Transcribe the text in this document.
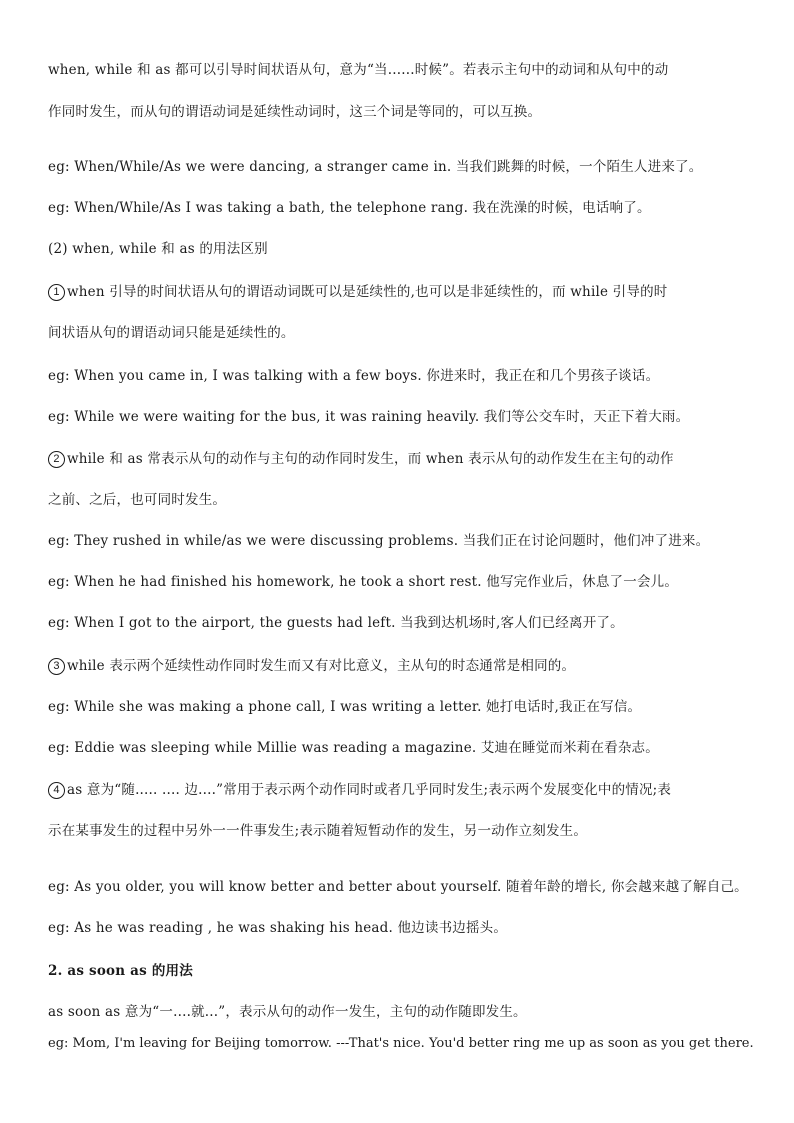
when, while 和 as 都可以引导时间状语从句，意为“当......时候”。若表示主句中的动词和从句中的动
作同时发生，而从句的谓语动词是延续性动词时，这三个词是等同的，可以互换。
eg: When/While/As we were dancing, a stranger came in. 当我们跳舞的时候，一个陌生人进来了。
eg: When/While/As I was taking a bath, the telephone rang. 我在洗澡的时候，电话响了。
(2) when, while 和 as 的用法区别
1 when 引导的时间状语从句的谓语动词既可以是延续性的,也可以是非延续性的，而 while 引导的时
间状语从句的谓语动词只能是延续性的。
eg: When you came in, I was talking with a few boys. 你进来时，我正在和几个男孩子谈话。
eg: While we were waiting for the bus, it was raining heavily. 我们等公交车时，天正下着大雨。
2 while 和 as 常表示从句的动作与主句的动作同时发生，而 when 表示从句的动作发生在主句的动作
之前、之后，也可同时发生。
eg: They rushed in while/as we were discussing problems. 当我们正在讨论问题时，他们冲了进来。
eg: When he had finished his homework, he took a short rest. 他写完作业后，休息了一会儿。
eg: When I got to the airport, the guests had left. 当我到达机场时,客人们已经离开了。
3 while 表示两个延续性动作同时发生而又有对比意义，主从句的时态通常是相同的。
eg: While she was making a phone call, I was writing a letter. 她打电话时,我正在写信。
eg: Eddie was sleeping while Millie was reading a magazine. 艾迪在睡觉而米莉在看杂志。
4 as 意为“随..... .... 边....”常用于表示两个动作同时或者几乎同时发生;表示两个发展变化中的情况;表
示在某事发生的过程中另外一一件事发生;表示随着短暂动作的发生，另一动作立刻发生。
eg: As you older, you will know better and better about yourself. 随着年龄的增长, 你会越来越了解自己。
eg: As he was reading , he was shaking his head. 他边读书边摇头。
2. as soon as 的用法
as soon as 意为“一....就...”，表示从句的动作一发生，主句的动作随即发生。
eg: Mom, I'm leaving for Beijing tomorrow. ---That's nice. You'd better ring me up as soon as you get there.
